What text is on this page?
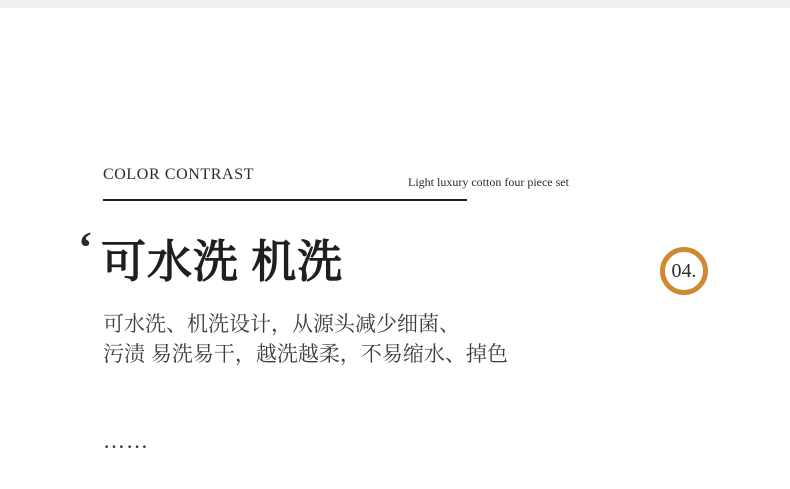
COLOR CONTRAST	Light luxury cotton four piece set
‘ 可水洗 机洗	04.

可水洗、机洗设计，从源头减少细菌、

污渍 易洗易干，越洗越柔，不易缩水、掉色

……
